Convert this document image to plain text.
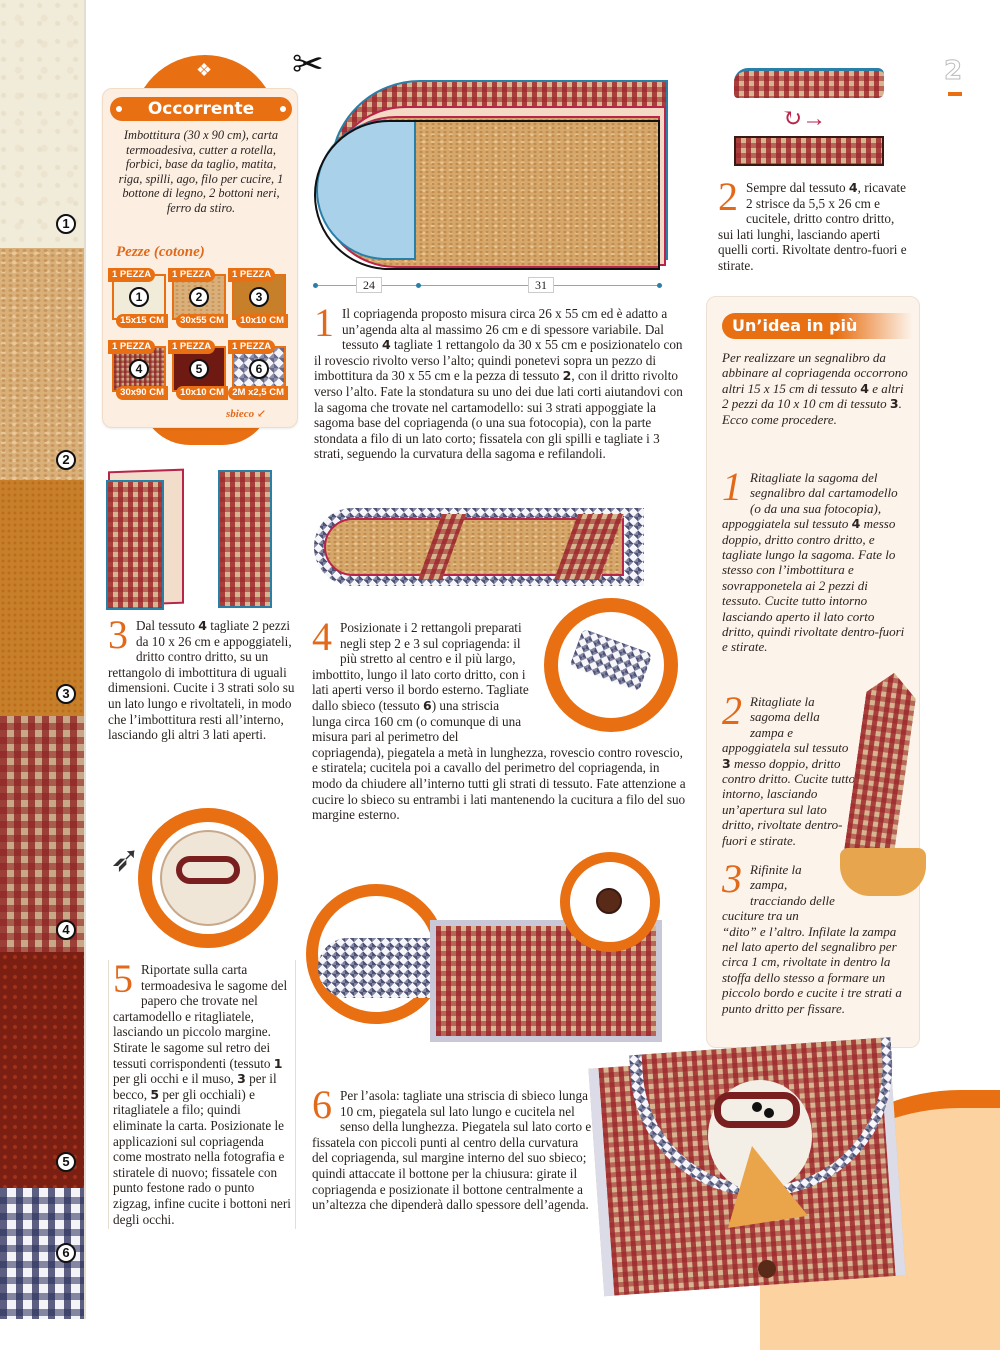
1
2
3
4
5
6
2
❖
Occorrente
Imbottitura (30 x 90 cm), carta termoadesiva, cutter a rotella, forbici, base da taglio, matita, riga, spilli, ago, filo per cucire, 1 bottone di legno, 2 bottoni neri, ferro da stiro.
Pezze (cotone)
1 PEZZA
1
15x15 CM
1 PEZZA
2
30x55 CM
1 PEZZA
3
10x10 CM
1 PEZZA
4
30x90 CM
1 PEZZA
5
10x10 CM
1 PEZZA
6
2M x2,5 CM
sbieco ↙
✂
24	31
1 Il copriagenda proposto misura circa 26 x 55 cm ed è adatto a un’agenda alta al massimo 26 cm e di spessore variabile. Dal tessuto 4 tagliate 1 rettangolo da 30 x 55 cm e posizionatelo con il rovescio rivolto verso l’alto; quindi ponetevi sopra un pezzo di imbottitura da 30 x 55 cm e la pezza di tessuto 2, con il dritto rivolto verso l’alto. Fate la stondatura su uno dei due lati corti aiutandovi con la sagoma che trovate nel cartamodello: sui 3 strati appoggiate la sagoma base del copriagenda (o una sua fotocopia), con la parte stondata a filo di un lato corto; fissatela con gli spilli e tagliate i 3 strati, seguendo la curvatura della sagoma e refilandoli.
↻→
2 Sempre dal tessuto 4, ricavate 2 strisce da 5,5 x 26 cm e cucitele, dritto contro dritto, sui lati lunghi, lasciando aperti quelli corti. Rivoltate dentro-fuori e stirate.
3 Dal tessuto 4 tagliate 2 pezzi da 10 x 26 cm e appoggiateli, dritto contro dritto, su un rettangolo di imbottitura di uguali dimensioni. Cucite i 3 strati solo su un lato lungo e rivoltateli, in modo che l’imbottitura resti all’interno, lasciando gli altri 3 lati aperti.
4 Posizionate i 2 rettangoli preparati negli step 2 e 3 sul copriagenda: il più stretto al centro e il più largo, imbottito, lungo il lato corto dritto, con i lati aperti verso il bordo esterno. Tagliate dallo sbieco (tessuto 6) una striscia lunga circa 160 cm (o comunque di una misura pari al perimetro del copriagenda), piegatela a metà in lunghezza, rovescio contro rovescio, e stiratela; cucitela poi a cavallo del perimetro del copriagenda, in modo da chiudere all’interno tutti gli strati di tessuto. Fate attenzione a cucire lo sbieco su entrambi i lati mantenendo la cucitura a filo del suo margine esterno.
➶
5 Riportate sulla carta termoadesiva le sagome del papero che trovate nel cartamodello e ritagliatele, lasciando un piccolo margine. Stirate le sagome sul retro dei tessuti corrispondenti (tessuto 1 per gli occhi e il muso, 3 per il becco, 5 per gli occhiali) e ritagliatele a filo; quindi eliminate la carta. Posizionate le applicazioni sul copriagenda come mostrato nella fotografia e stiratele di nuovo; fissatele con punto festone rado o punto zigzag, infine cucite i bottoni neri degli occhi.
6 Per l’asola: tagliate una striscia di sbieco lunga 10 cm, piegatela sul lato lungo e cucitela nel senso della lunghezza. Piegatela sul lato corto e fissatela con piccoli punti al centro della curvatura del copriagenda, sul margine interno del suo sbieco; quindi attaccate il bottone per la chiusura: girate il copriagenda e posizionate il bottone centralmente a un’altezza che dipenderà dallo spessore dell’agenda.
Un’idea in più
Per realizzare un segnalibro da abbinare al copriagenda occorrono altri 15 x 15 cm di tessuto 4 e altri 2 pezzi da 10 x 10 cm di tessuto 3. Ecco come procedere.
1 Ritagliate la sagoma del segnalibro dal cartamodello (o da una sua fotocopia), appoggiatela sul tessuto 4 messo doppio, dritto contro dritto, e tagliate lungo la sagoma. Fate lo stesso con l’imbottitura e sovrapponetela ai 2 pezzi di tessuto. Cucite tutto intorno lasciando aperto il lato corto dritto, quindi rivoltate dentro-fuori e stirate.
2 Ritagliate la sagoma della zampa e appoggiatela sul tessuto 3 messo doppio, dritto contro dritto. Cucite tutto intorno, lasciando un’apertura sul lato dritto, rivoltate dentro-fuori e stirate.
3 Rifinite la zampa, tracciando delle cuciture tra un “dito” e l’altro. Infilate la zampa nel lato aperto del segnalibro per circa 1 cm, rivoltate in dentro la stoffa dello stesso a formare un piccolo bordo e cucite i tre strati a punto dritto per fissare.
